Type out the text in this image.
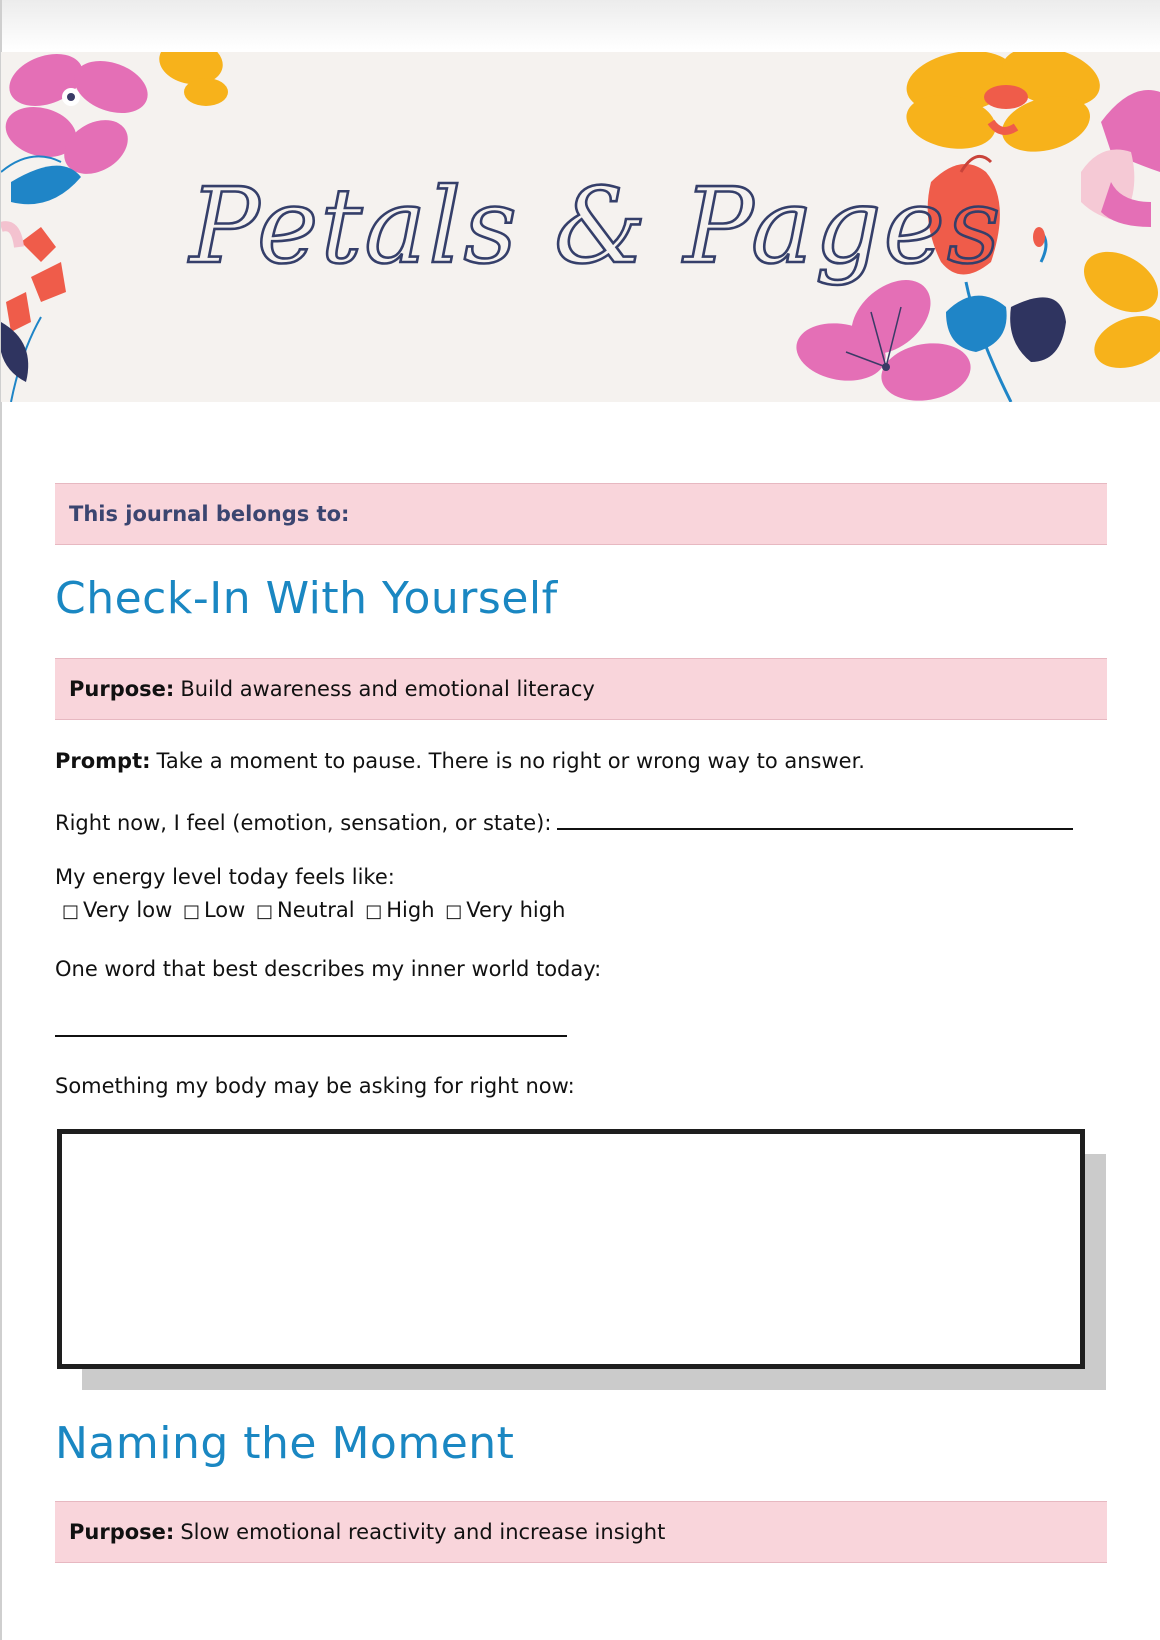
Petals & Pages
This journal belongs to:
Check-In With Yourself
Purpose: Build awareness and emotional literacy
Prompt: Take a moment to pause. There is no right or wrong way to answer.
Right now, I feel (emotion, sensation, or state):
My energy level today feels like:
□ Very low □ Low □ Neutral □ High □ Very high
One word that best describes my inner world today:
Something my body may be asking for right now:
Naming the Moment
Purpose: Slow emotional reactivity and increase insight
